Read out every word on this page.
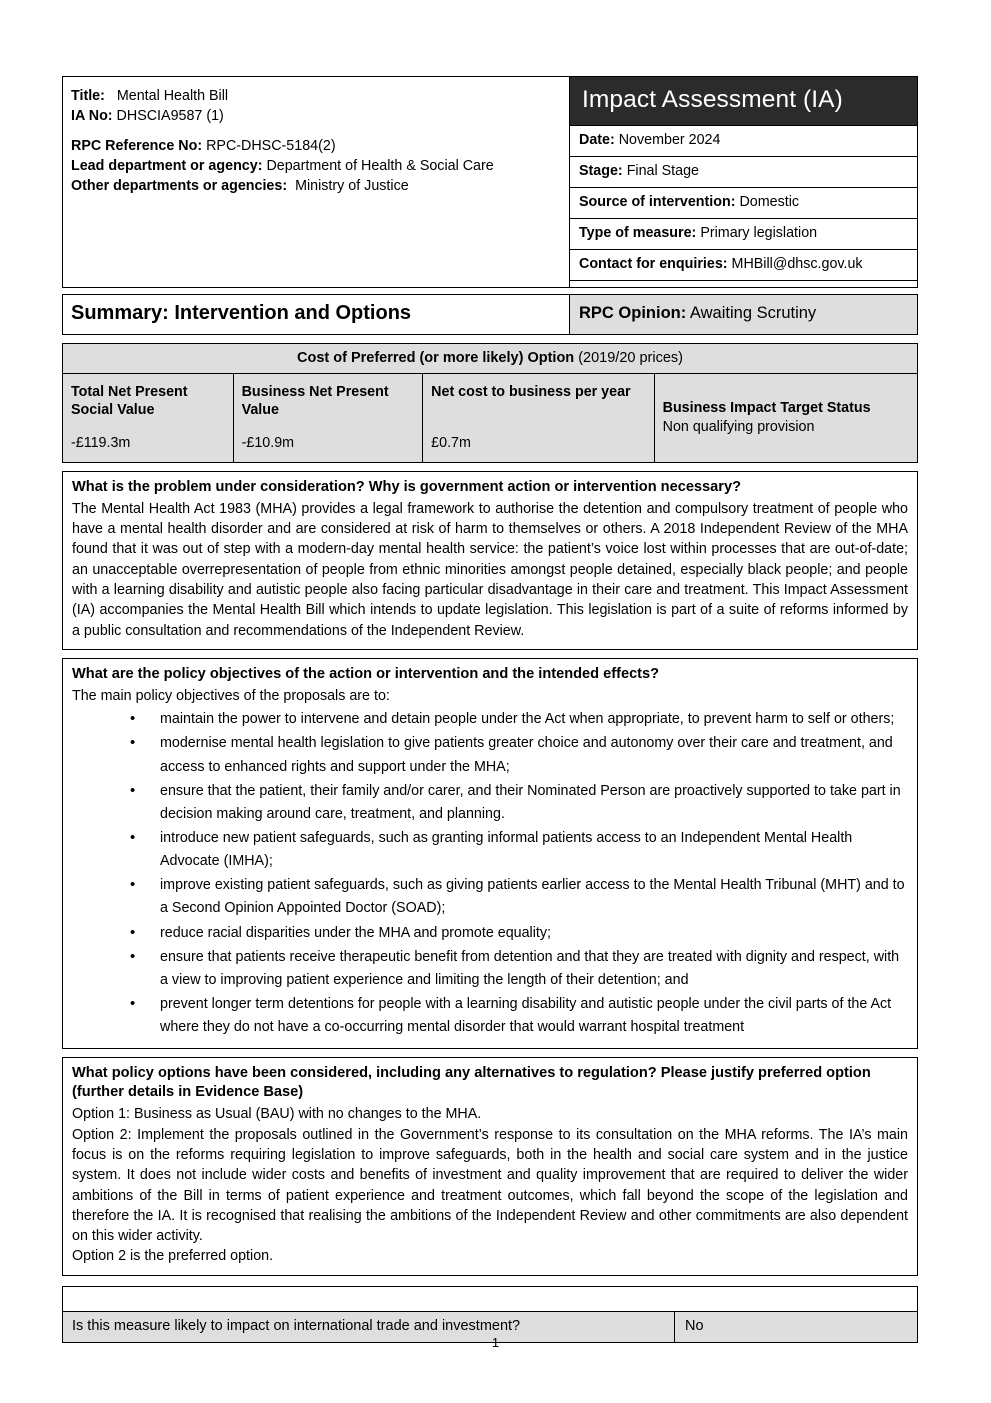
Title: Mental Health Bill
IA No: DHSCIA9587 (1)
RPC Reference No: RPC-DHSC-5184(2)
Lead department or agency: Department of Health & Social Care
Other departments or agencies: Ministry of Justice
Impact Assessment (IA)
Date: November 2024
Stage: Final Stage
Source of intervention: Domestic
Type of measure: Primary legislation
Contact for enquiries: MHBill@dhsc.gov.uk
Summary: Intervention and Options	RPC Opinion: Awaiting Scrutiny
Cost of Preferred (or more likely) Option (2019/20 prices)
Total Net Present Social Value
-£119.3m
Business Net Present Value
-£10.9m
Net cost to business per year
£0.7m
Business Impact Target Status
Non qualifying provision
What is the problem under consideration? Why is government action or intervention necessary?

The Mental Health Act 1983 (MHA) provides a legal framework to authorise the detention and compulsory treatment of people who have a mental health disorder and are considered at risk of harm to themselves or others. A 2018 Independent Review of the MHA found that it was out of step with a modern-day mental health service: the patient’s voice lost within processes that are out-of-date; an unacceptable overrepresentation of people from ethnic minorities amongst people detained, especially black people; and people with a learning disability and autistic people also facing particular disadvantage in their care and treatment. This Impact Assessment (IA) accompanies the Mental Health Bill which intends to update legislation. This legislation is part of a suite of reforms informed by a public consultation and recommendations of the Independent Review.

What are the policy objectives of the action or intervention and the intended effects?

The main policy objectives of the proposals are to:

• maintain the power to intervene and detain people under the Act when appropriate, to prevent harm to self or others;
• modernise mental health legislation to give patients greater choice and autonomy over their care and treatment, and access to enhanced rights and support under the MHA;
• ensure that the patient, their family and/or carer, and their Nominated Person are proactively supported to take part in decision making around care, treatment, and planning.
• introduce new patient safeguards, such as granting informal patients access to an Independent Mental Health Advocate (IMHA);
• improve existing patient safeguards, such as giving patients earlier access to the Mental Health Tribunal (MHT) and to a Second Opinion Appointed Doctor (SOAD);
• reduce racial disparities under the MHA and promote equality;
• ensure that patients receive therapeutic benefit from detention and that they are treated with dignity and respect, with a view to improving patient experience and limiting the length of their detention; and
• prevent longer term detentions for people with a learning disability and autistic people under the civil parts of the Act where they do not have a co-occurring mental disorder that would warrant hospital treatment
What policy options have been considered, including any alternatives to regulation? Please justify preferred option (further details in Evidence Base)

Option 1: Business as Usual (BAU) with no changes to the MHA.

Option 2: Implement the proposals outlined in the Government’s response to its consultation on the MHA reforms. The IA’s main focus is on the reforms requiring legislation to improve safeguards, both in the health and social care system and in the justice system. It does not include wider costs and benefits of investment and quality improvement that are required to deliver the wider ambitions of the Bill in terms of patient experience and treatment outcomes, which fall beyond the scope of the legislation and therefore the IA. It is recognised that realising the ambitions of the Independent Review and other commitments are also dependent on this wider activity.

Option 2 is the preferred option.

Is this measure likely to impact on international trade and investment?	No
1
